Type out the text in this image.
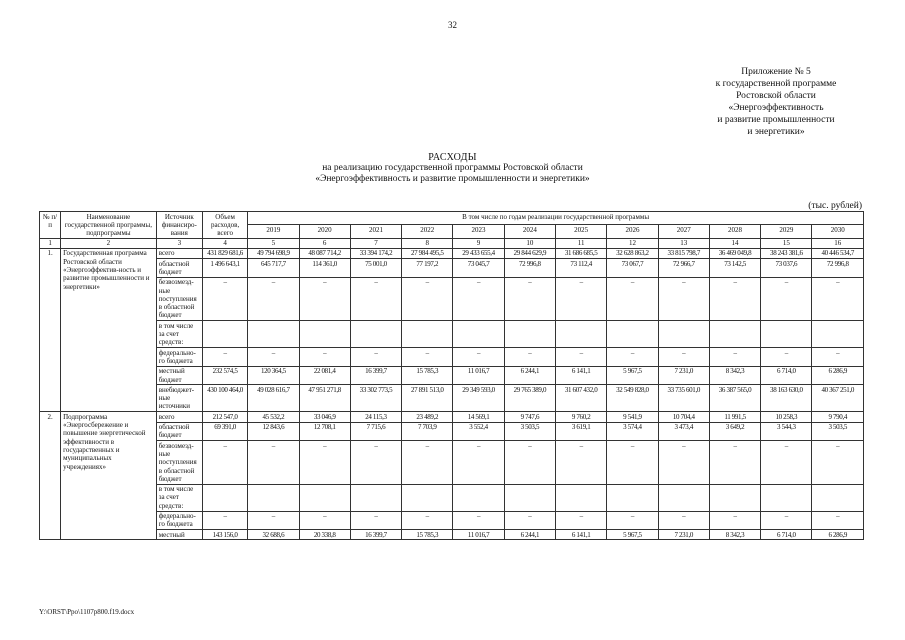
32
Приложение № 5
к государственной программе
Ростовской области
«Энергоэффективность
и развитие промышленности
и энергетики»
РАСХОДЫ
на реализацию государственной программы Ростовской области
«Энергоэффективность и развитие промышленности и энергетики»
(тыс. рублей)
№ п/п	Наименование государственной программы, подпрограммы	Источник финансиро-вания	Объем расходов, всего	В том числе по годам реализации государственной программы											
				2019	2020	2021	2022	2023	2024	2025	2026	2027	2028	2029	2030
1	2	3	4	5	6	7	8	9	10	11	12	13	14	15	16
1.	Государственная программа Ростовской области «Энергоэффектив-ность и развитие промышленности и энергетики»	всего	431 829 681,6	49 794 698,9	48 087 714,2	33 394 174,2	27 984 495,5	29 433 655,4	29 844 629,9	31 686 685,5	32 628 863,2	33 815 798,7	36 469 049,8	38 243 381,6	40 446 534,7
		областной бюджет	1 496 643,1	645 717,7	114 361,0	75 001,0	77 197,2	73 045,7	72 996,8	73 112,4	73 067,7	72 966,7	73 142,5	73 037,6	72 996,8
		безвозмезд-ные поступления в областной бюджет	–	–	–	–	–	–	–	–	–	–	–	–	–
		в том числе за счет средств:													
		федерально-го бюджета	–	–	–	–	–	–	–	–	–	–	–	–	–
		местный бюджет	232 574,5	120 364,5	22 081,4	16 399,7	15 785,3	11 016,7	6 244,1	6 141,1	5 967,5	7 231,0	8 342,3	6 714,0	6 286,9
		внебюджет-ные источники	430 100 464,0	49 028 616,7	47 951 271,8	33 302 773,5	27 891 513,0	29 349 593,0	29 765 389,0	31 607 432,0	32 549 828,0	33 735 601,0	36 387 565,0	38 163 630,0	40 367 251,0
2.	Подпрограмма «Энергосбережение и повышение энергетической эффективности в государственных и муниципальных учреждениях»	всего	212 547,0	45 532,2	33 046,9	24 115,3	23 489,2	14 569,1	9 747,6	9 760,2	9 541,9	10 704,4	11 991,5	10 258,3	9 790,4
		областной бюджет	69 391,0	12 843,6	12 708,1	7 715,6	7 703,9	3 552,4	3 503,5	3 619,1	3 574,4	3 473,4	3 649,2	3 544,3	3 503,5
		безвозмезд-ные поступления в областной бюджет	–	–	–	–	–	–	–	–	–	–	–	–	–
		в том числе за счет средств:													
		федерально-го бюджета	–	–	–	–	–	–	–	–	–	–	–	–	–
		местный	143 156,0	32 688,6	20 338,8	16 399,7	15 785,3	11 016,7	6 244,1	6 141,1	5 967,5	7 231,0	8 342,3	6 714,0	6 286,9
Y:\ORST\Ppo\1107p800.f19.docx
